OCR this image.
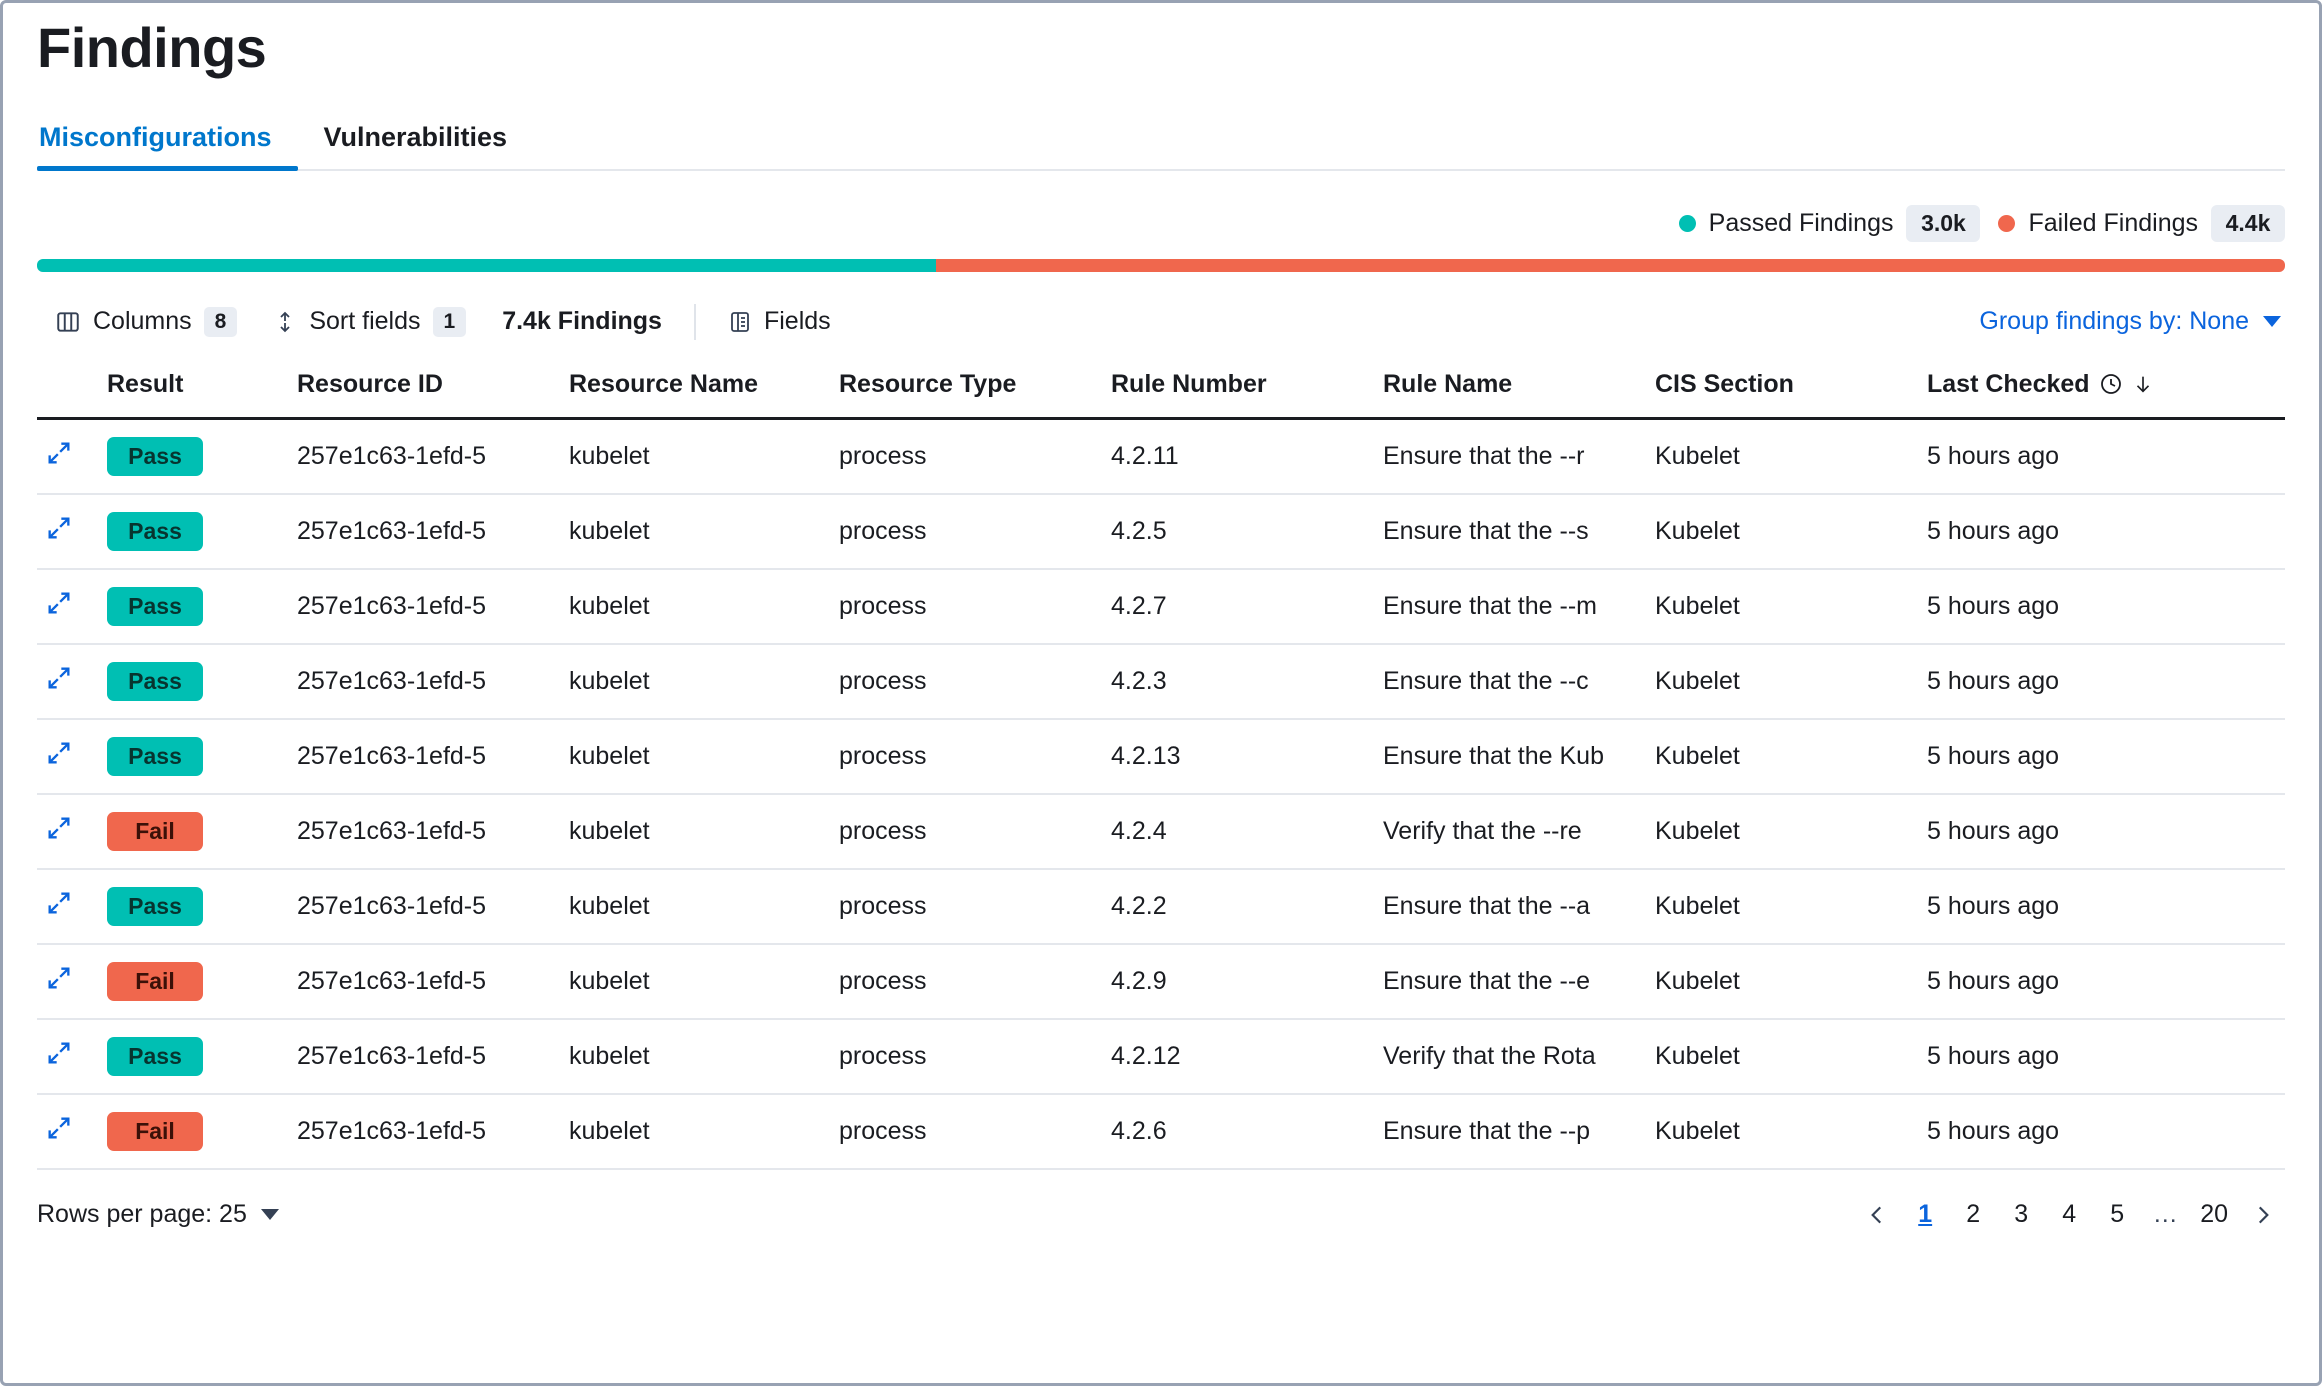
Findings
Misconfigurations	Vulnerabilities
Passed Findings	3.0k	Failed Findings	4.4k
Columns	8	Sort fields	1	7.4k Findings	Fields	Group findings by: None
	Result	Resource ID	Resource Name	Resource Type	Rule Number	Rule Name	CIS Section	Last Checked

	Pass	257e1c63-1efd-5	kubelet	process	4.2.11	Ensure that the --r	Kubelet	5 hours ago
	Pass	257e1c63-1efd-5	kubelet	process	4.2.5	Ensure that the --s	Kubelet	5 hours ago
	Pass	257e1c63-1efd-5	kubelet	process	4.2.7	Ensure that the --m	Kubelet	5 hours ago
	Pass	257e1c63-1efd-5	kubelet	process	4.2.3	Ensure that the --c	Kubelet	5 hours ago
	Pass	257e1c63-1efd-5	kubelet	process	4.2.13	Ensure that the Kub	Kubelet	5 hours ago
	Fail	257e1c63-1efd-5	kubelet	process	4.2.4	Verify that the --re	Kubelet	5 hours ago
	Pass	257e1c63-1efd-5	kubelet	process	4.2.2	Ensure that the --a	Kubelet	5 hours ago
	Fail	257e1c63-1efd-5	kubelet	process	4.2.9	Ensure that the --e	Kubelet	5 hours ago
	Pass	257e1c63-1efd-5	kubelet	process	4.2.12	Verify that the Rota	Kubelet	5 hours ago
	Fail	257e1c63-1efd-5	kubelet	process	4.2.6	Ensure that the --p	Kubelet	5 hours ago
Rows per page: 25	1	2	3	4	5	… 20
